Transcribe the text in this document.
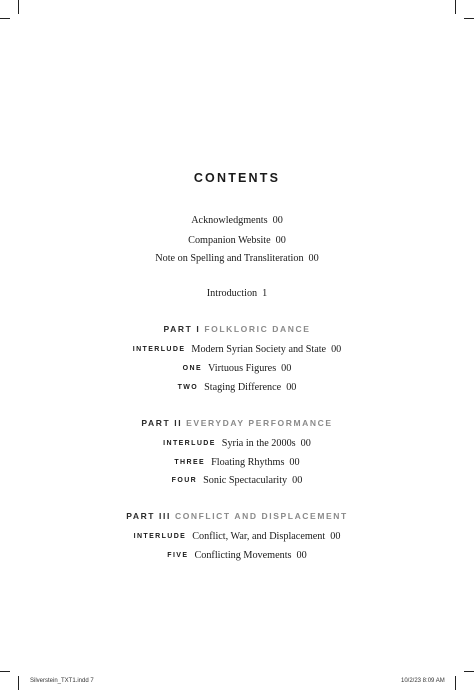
CONTENTS
Acknowledgments 00
Companion Website 00
Note on Spelling and Transliteration 00
Introduction 1
PART I FOLKLORIC DANCE
INTERLUDE Modern Syrian Society and State 00
ONE Virtuous Figures 00
TWO Staging Difference 00
PART II EVERYDAY PERFORMANCE
INTERLUDE Syria in the 2000s 00
THREE Floating Rhythms 00
FOUR Sonic Spectacularity 00
PART III CONFLICT AND DISPLACEMENT
INTERLUDE Conflict, War, and Displacement 00
FIVE Conflicting Movements 00
Silverstein_TXT1.indd 7	10/2/23 8:09 AM
